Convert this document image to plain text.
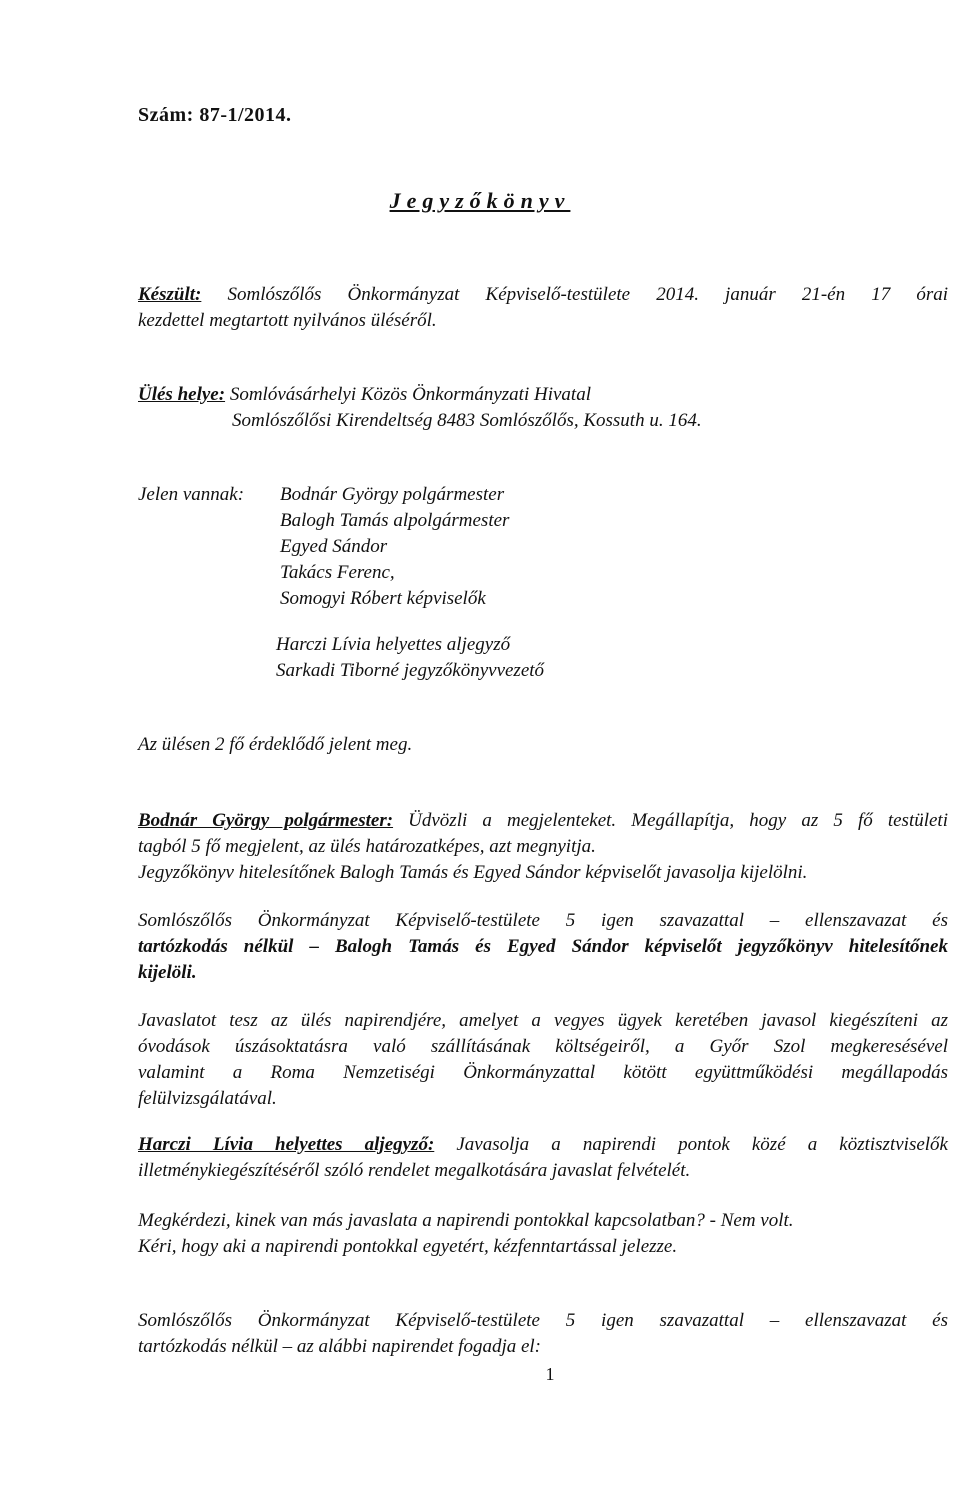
Szám: 87-1/2014.
Jegyzőkönyv
Készült: Somlószőlős Önkormányzat Képviselő-testülete 2014. január 21-én 17 órai
kezdettel megtartott nyilvános üléséről.
Ülés helye: Somlóvásárhelyi Közös Önkormányzati Hivatal
Somlószőlősi Kirendeltség 8483 Somlószőlős, Kossuth u. 164.
Jelen vannak: Bodnár György polgármester
Balogh Tamás alpolgármester
Egyed Sándor
Takács Ferenc,
Somogyi Róbert képviselők
Harczi Lívia helyettes aljegyző
Sarkadi Tiborné jegyzőkönyvvezető
Az ülésen 2 fő érdeklődő jelent meg.
Bodnár György polgármester: Üdvözli a megjelenteket. Megállapítja, hogy az 5 fő testületi
tagból 5 fő megjelent, az ülés határozatképes, azt megnyitja.
Jegyzőkönyv hitelesítőnek Balogh Tamás és Egyed Sándor képviselőt javasolja kijelölni.
Somlószőlős Önkormányzat Képviselő-testülete 5 igen szavazattal – ellenszavazat és
tartózkodás nélkül – Balogh Tamás és Egyed Sándor képviselőt jegyzőkönyv hitelesítőnek
kijelöli.
Javaslatot tesz az ülés napirendjére, amelyet a vegyes ügyek keretében javasol kiegészíteni az
óvodások úszásoktatásra való szállításának költségeiről, a Győr Szol megkeresésével
valamint a Roma Nemzetiségi Önkormányzattal kötött együttműködési megállapodás
felülvizsgálatával.
Harczi Lívia helyettes aljegyző: Javasolja a napirendi pontok közé a köztisztviselők
illetménykiegészítéséről szóló rendelet megalkotására javaslat felvételét.
Megkérdezi, kinek van más javaslata a napirendi pontokkal kapcsolatban? - Nem volt.
Kéri, hogy aki a napirendi pontokkal egyetért, kézfenntartással jelezze.
Somlószőlős Önkormányzat Képviselő-testülete 5 igen szavazattal – ellenszavazat és
tartózkodás nélkül – az alábbi napirendet fogadja el:
1
